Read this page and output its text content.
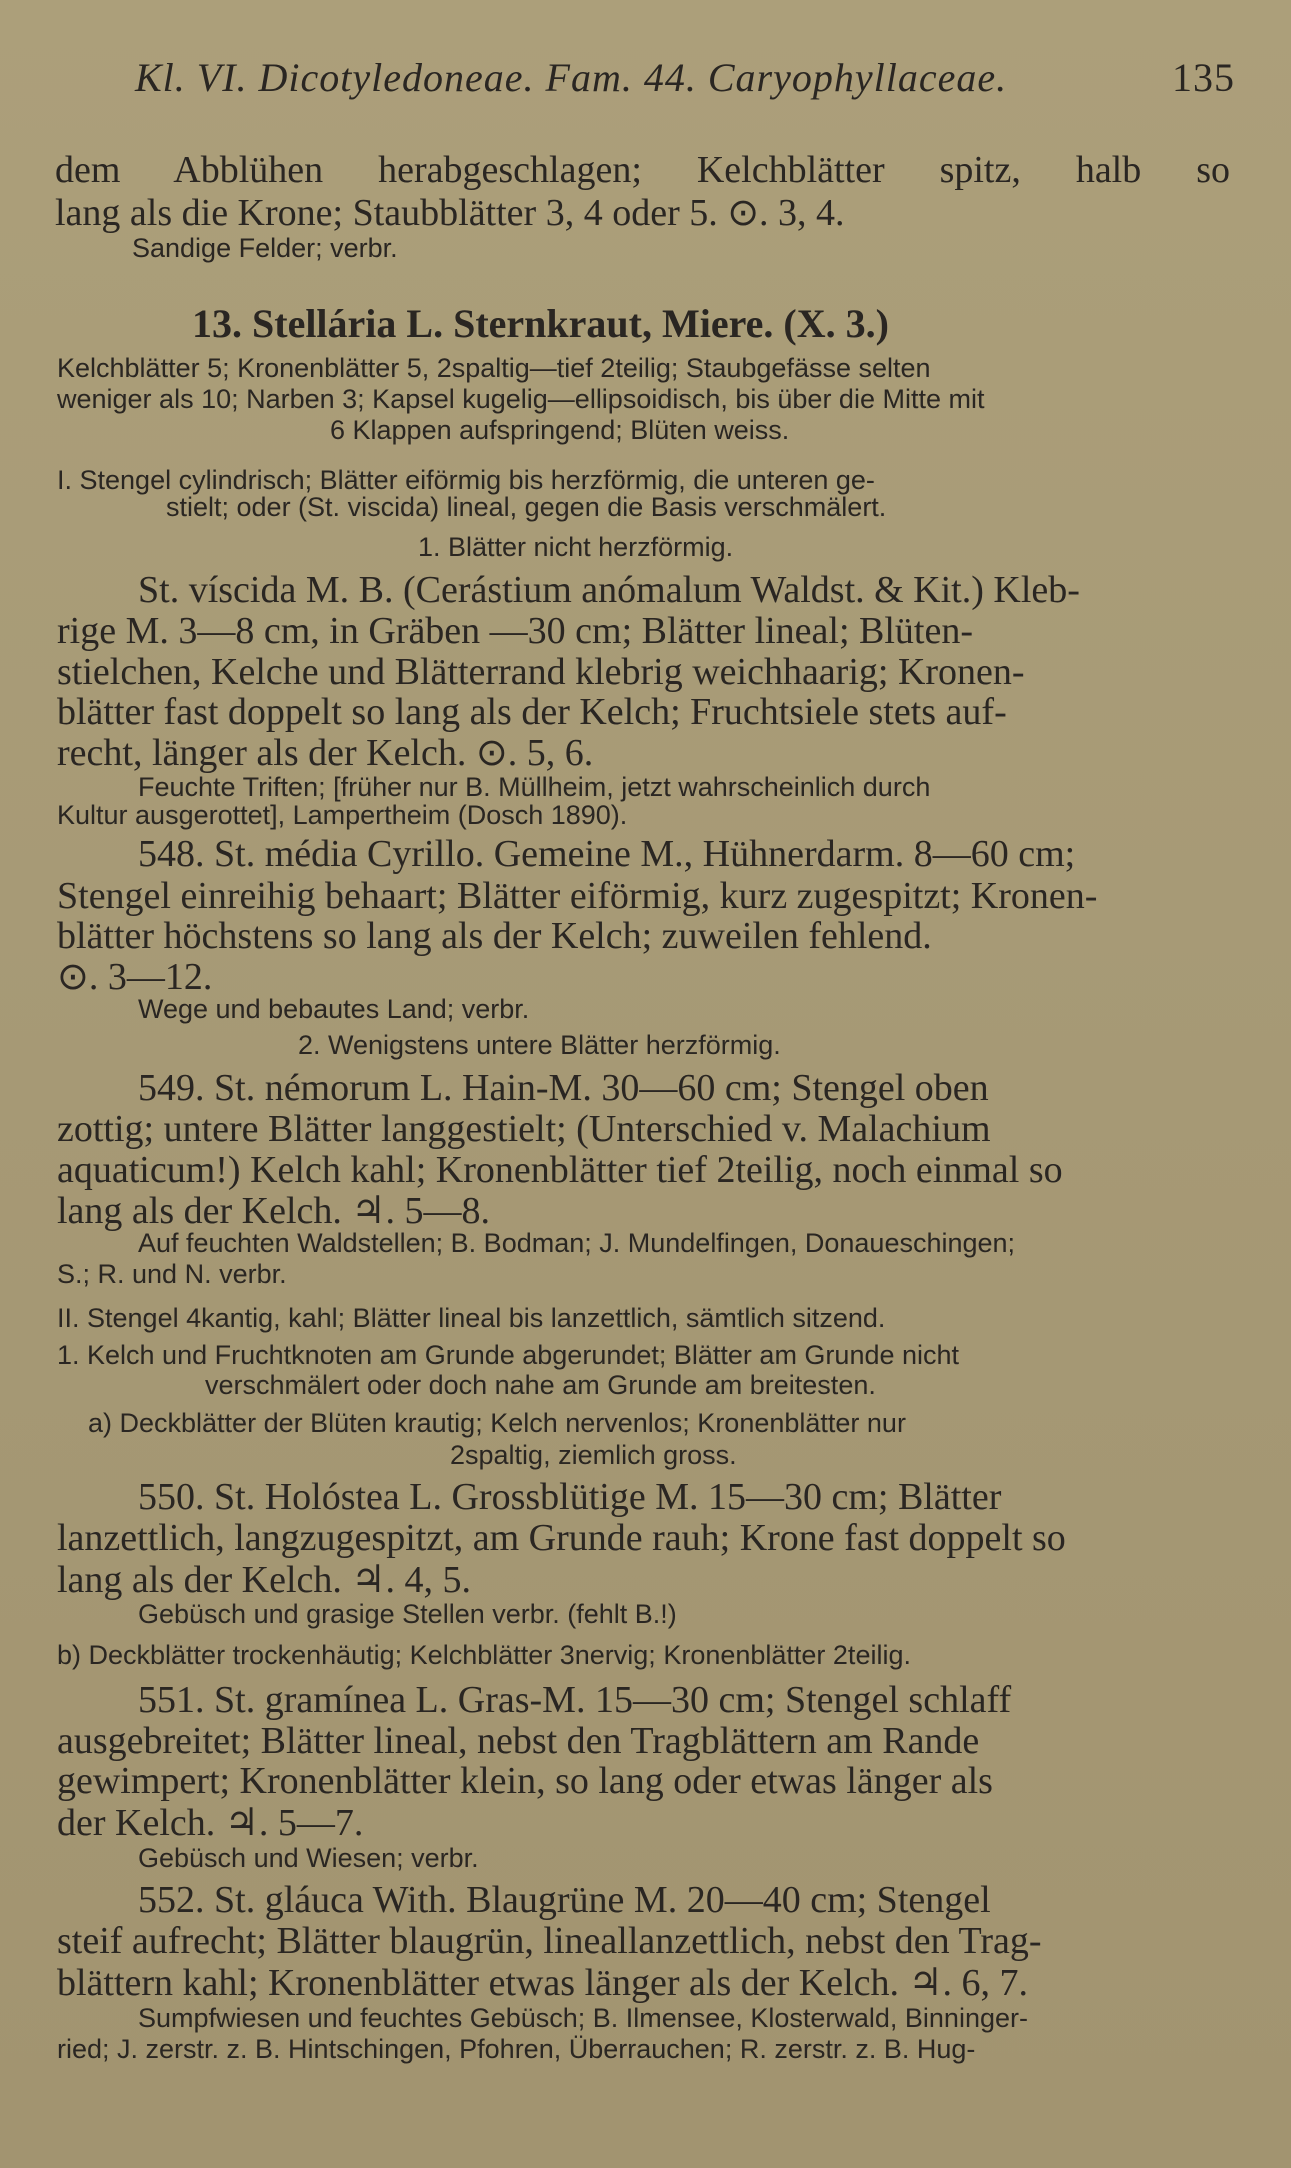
Kl. VI. Dicotyledoneae. Fam. 44. Caryophyllaceae.	135
dem Abblühen herabgeschlagen; Kelchblätter spitz, halb so
lang als die Krone; Staubblätter 3, 4 oder 5. ⊙. 3, 4.
Sandige Felder; verbr.
13. Stellária L. Sternkraut, Miere. (X. 3.)
Kelchblätter 5; Kronenblätter 5, 2spaltig—tief 2teilig; Staubgefässe selten
weniger als 10; Narben 3; Kapsel kugelig—ellipsoidisch, bis über die Mitte mit
6 Klappen aufspringend; Blüten weiss.
I. Stengel cylindrisch; Blätter eiförmig bis herzförmig, die unteren ge-
stielt; oder (St. viscida) lineal, gegen die Basis verschmälert.
1. Blätter nicht herzförmig.
St. víscida M. B. (Cerástium anómalum Waldst. & Kit.) Kleb-
rige M. 3—8 cm, in Gräben —30 cm; Blätter lineal; Blüten-
stielchen, Kelche und Blätterrand klebrig weichhaarig; Kronen-
blätter fast doppelt so lang als der Kelch; Fruchtsiele stets auf-
recht, länger als der Kelch. ⊙. 5, 6.
Feuchte Triften; [früher nur B. Müllheim, jetzt wahrscheinlich durch
Kultur ausgerottet], Lampertheim (Dosch 1890).
548. St. média Cyrillo. Gemeine M., Hühnerdarm. 8—60 cm;
Stengel einreihig behaart; Blätter eiförmig, kurz zugespitzt; Kronen-
blätter höchstens so lang als der Kelch; zuweilen fehlend.
⊙. 3—12.
Wege und bebautes Land; verbr.
2. Wenigstens untere Blätter herzförmig.
549. St. némorum L. Hain-M. 30—60 cm; Stengel oben
zottig; untere Blätter langgestielt; (Unterschied v. Malachium
aquaticum!) Kelch kahl; Kronenblätter tief 2teilig, noch einmal so
lang als der Kelch. ♃. 5—8.
Auf feuchten Waldstellen; B. Bodman; J. Mundelfingen, Donaueschingen;
S.; R. und N. verbr.
II. Stengel 4kantig, kahl; Blätter lineal bis lanzettlich, sämtlich sitzend.
1. Kelch und Fruchtknoten am Grunde abgerundet; Blätter am Grunde nicht
verschmälert oder doch nahe am Grunde am breitesten.
a) Deckblätter der Blüten krautig; Kelch nervenlos; Kronenblätter nur
2spaltig, ziemlich gross.
550. St. Holóstea L. Grossblütige M. 15—30 cm; Blätter
lanzettlich, langzugespitzt, am Grunde rauh; Krone fast doppelt so
lang als der Kelch. ♃. 4, 5.
Gebüsch und grasige Stellen verbr. (fehlt B.!)
b) Deckblätter trockenhäutig; Kelchblätter 3nervig; Kronenblätter 2teilig.
551. St. gramínea L. Gras-M. 15—30 cm; Stengel schlaff
ausgebreitet; Blätter lineal, nebst den Tragblättern am Rande
gewimpert; Kronenblätter klein, so lang oder etwas länger als
der Kelch. ♃. 5—7.
Gebüsch und Wiesen; verbr.
552. St. gláuca With. Blaugrüne M. 20—40 cm; Stengel
steif aufrecht; Blätter blaugrün, lineallanzettlich, nebst den Trag-
blättern kahl; Kronenblätter etwas länger als der Kelch. ♃. 6, 7.
Sumpfwiesen und feuchtes Gebüsch; B. Ilmensee, Klosterwald, Binninger-
ried; J. zerstr. z. B. Hintschingen, Pfohren, Überrauchen; R. zerstr. z. B. Hug-
